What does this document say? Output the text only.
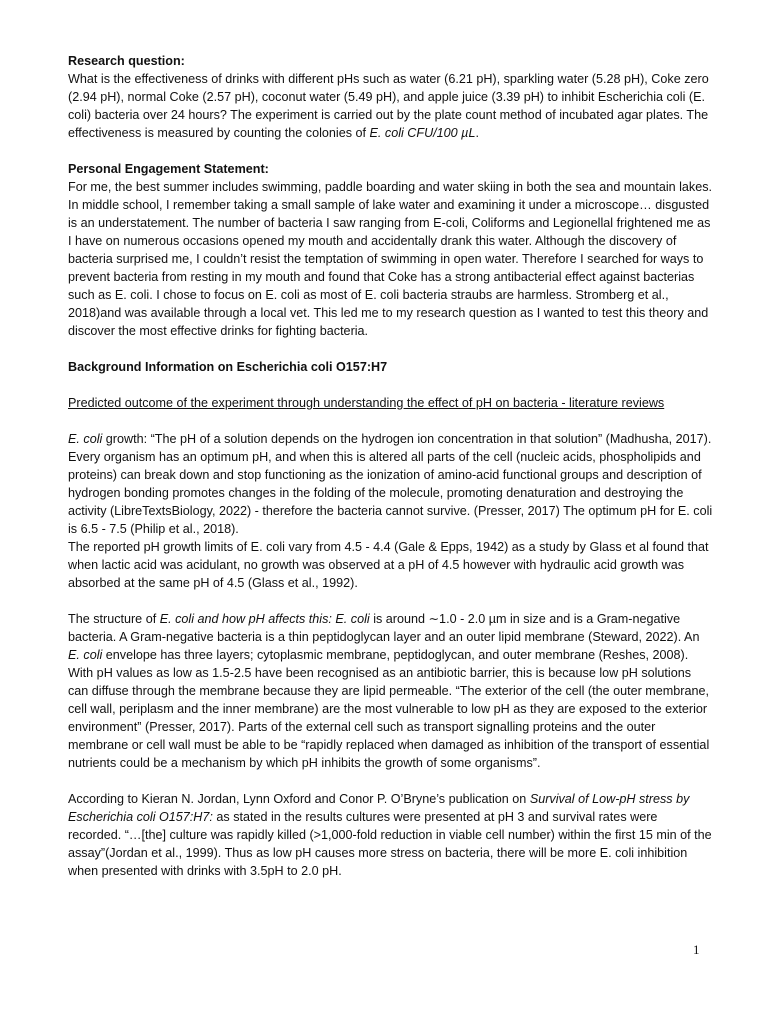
Research question:

What is the effectiveness of drinks with different pHs such as water (6.21 pH), sparkling water (5.28 pH), Coke zero (2.94 pH), normal Coke (2.57 pH), coconut water (5.49 pH), and apple juice (3.39 pH) to inhibit Escherichia coli (E. coli) bacteria over 24 hours? The experiment is carried out by the plate count method of incubated agar plates. The effectiveness is measured by counting the colonies of E. coli CFU/100 µL.

Personal Engagement Statement:

For me, the best summer includes swimming, paddle boarding and water skiing in both the sea and mountain lakes. In middle school, I remember taking a small sample of lake water and examining it under a microscope… disgusted is an understatement. The number of bacteria I saw ranging from E-coli, Coliforms and Legionellal frightened me as I have on numerous occasions opened my mouth and accidentally drank this water. Although the discovery of bacteria surprised me, I couldn’t resist the temptation of swimming in open water. Therefore I searched for ways to prevent bacteria from resting in my mouth and found that Coke has a strong antibacterial effect against bacterias such as E. coli. I chose to focus on E. coli as most of E. coli bacteria straubs are harmless. Stromberg et al., 2018)and was available through a local vet. This led me to my research question as I wanted to test this theory and discover the most effective drinks for fighting bacteria.

Background Information on Escherichia coli O157:H7

Predicted outcome of the experiment through understanding the effect of pH on bacteria - literature reviews

E. coli growth: “The pH of a solution depends on the hydrogen ion concentration in that solution” (Madhusha, 2017). Every organism has an optimum pH, and when this is altered all parts of the cell (nucleic acids, phospholipids and proteins) can break down and stop functioning as the ionization of amino-acid functional groups and description of hydrogen bonding promotes changes in the folding of the molecule, promoting denaturation and destroying the activity (LibreTextsBiology, 2022) - therefore the bacteria cannot survive. (Presser, 2017) The optimum pH for E. coli is 6.5 - 7.5 (Philip et al., 2018).

The reported pH growth limits of E. coli vary from 4.5 - 4.4 (Gale & Epps, 1942) as a study by Glass et al found that when lactic acid was acidulant, no growth was observed at a pH of 4.5 however with hydraulic acid growth was absorbed at the same pH of 4.5 (Glass et al., 1992).

The structure of E. coli and how pH affects this: E. coli is around ∼1.0 - 2.0 µm in size and is a Gram-negative bacteria. A Gram-negative bacteria is a thin peptidoglycan layer and an outer lipid membrane (Steward, 2022). An E. coli envelope has three layers; cytoplasmic membrane, peptidoglycan, and outer membrane (Reshes, 2008). With pH values as low as 1.5-2.5 have been recognised as an antibiotic barrier, this is because low pH solutions can diffuse through the membrane because they are lipid permeable. “The exterior of the cell (the outer membrane, cell wall, periplasm and the inner membrane) are the most vulnerable to low pH as they are exposed to the exterior environment” (Presser, 2017). Parts of the external cell such as transport signalling proteins and the outer membrane or cell wall must be able to be “rapidly replaced when damaged as inhibition of the transport of essential nutrients could be a mechanism by which pH inhibits the growth of some organisms”.

According to Kieran N. Jordan, Lynn Oxford and Conor P. O’Bryne’s publication on Survival of Low-pH stress by Escherichia coli O157:H7: as stated in the results cultures were presented at pH 3 and survival rates were recorded. “…[the] culture was rapidly killed (>1,000-fold reduction in viable cell number) within the first 15 min of the assay”(Jordan et al., 1999). Thus as low pH causes more stress on bacteria, there will be more E. coli inhibition when presented with drinks with 3.5pH to 2.0 pH.

1
